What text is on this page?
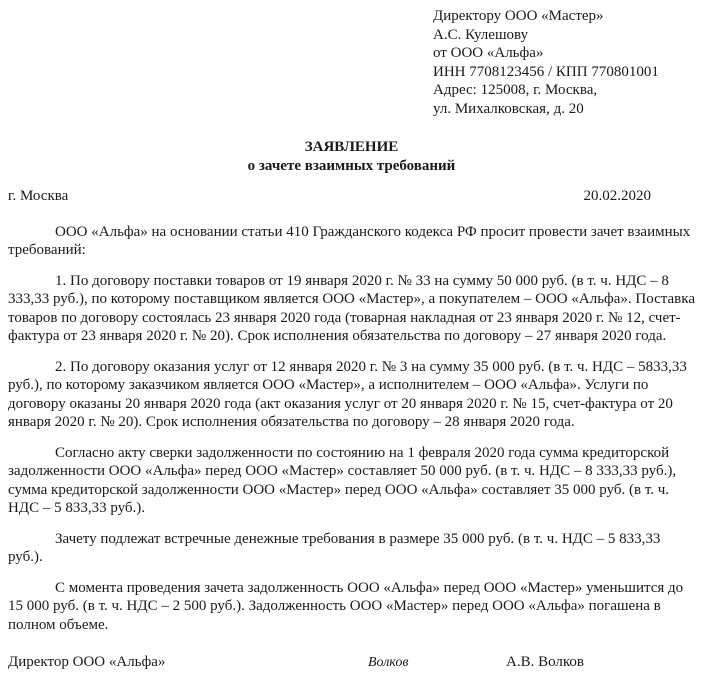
Директору ООО «Мастер»
А.С. Кулешову
от ООО «Альфа»
ИНН 7708123456 / КПП 770801001
Адрес: 125008, г. Москва,
ул. Михалковская, д. 20
ЗАЯВЛЕНИЕ
о зачете взаимных требований
г. Москва	20.02.2020

ООО «Альфа» на основании статьи 410 Гражданского кодекса РФ просит провести зачет взаимных требований:

1. По договору поставки товаров от 19 января 2020 г. № 33 на сумму 50 000 руб. (в т. ч. НДС – 8 333,33 руб.), по которому поставщиком является ООО «Мастер», а покупателем – ООО «Альфа». Поставка товаров по договору состоялась 23 января 2020 года (товарная накладная от 23 января 2020 г. № 12, счет-фактура от 23 января 2020 г. № 20). Срок исполнения обязательства по договору – 27 января 2020 года.

2. По договору оказания услуг от 12 января 2020 г. № 3 на сумму 35 000 руб. (в т. ч. НДС – 5833,33 руб.), по которому заказчиком является ООО «Мастер», а исполнителем – ООО «Альфа». Услуги по договору оказаны 20 января 2020 года (акт оказания услуг от 20 января 2020 г. № 15, счет-фактура от 20 января 2020 г. № 20). Срок исполнения обязательства по договору – 28 января 2020 года.

Согласно акту сверки задолженности по состоянию на 1 февраля 2020 года сумма кредиторской задолженности ООО «Альфа» перед ООО «Мастер» составляет 50 000 руб. (в т. ч. НДС – 8 333,33 руб.), сумма кредиторской задолженности ООО «Мастер» перед ООО «Альфа» составляет 35 000 руб. (в т. ч. НДС – 5 833,33 руб.).

Зачету подлежат встречные денежные требования в размере 35 000 руб. (в т. ч. НДС – 5 833,33 руб.).

С момента проведения зачета задолженность ООО «Альфа» перед ООО «Мастер» уменьшится до 15 000 руб. (в т. ч. НДС – 2 500 руб.). Задолженность ООО «Мастер» перед ООО «Альфа» погашена в полном объеме.

Директор ООО «Альфа»	Волков	А.В. Волков
